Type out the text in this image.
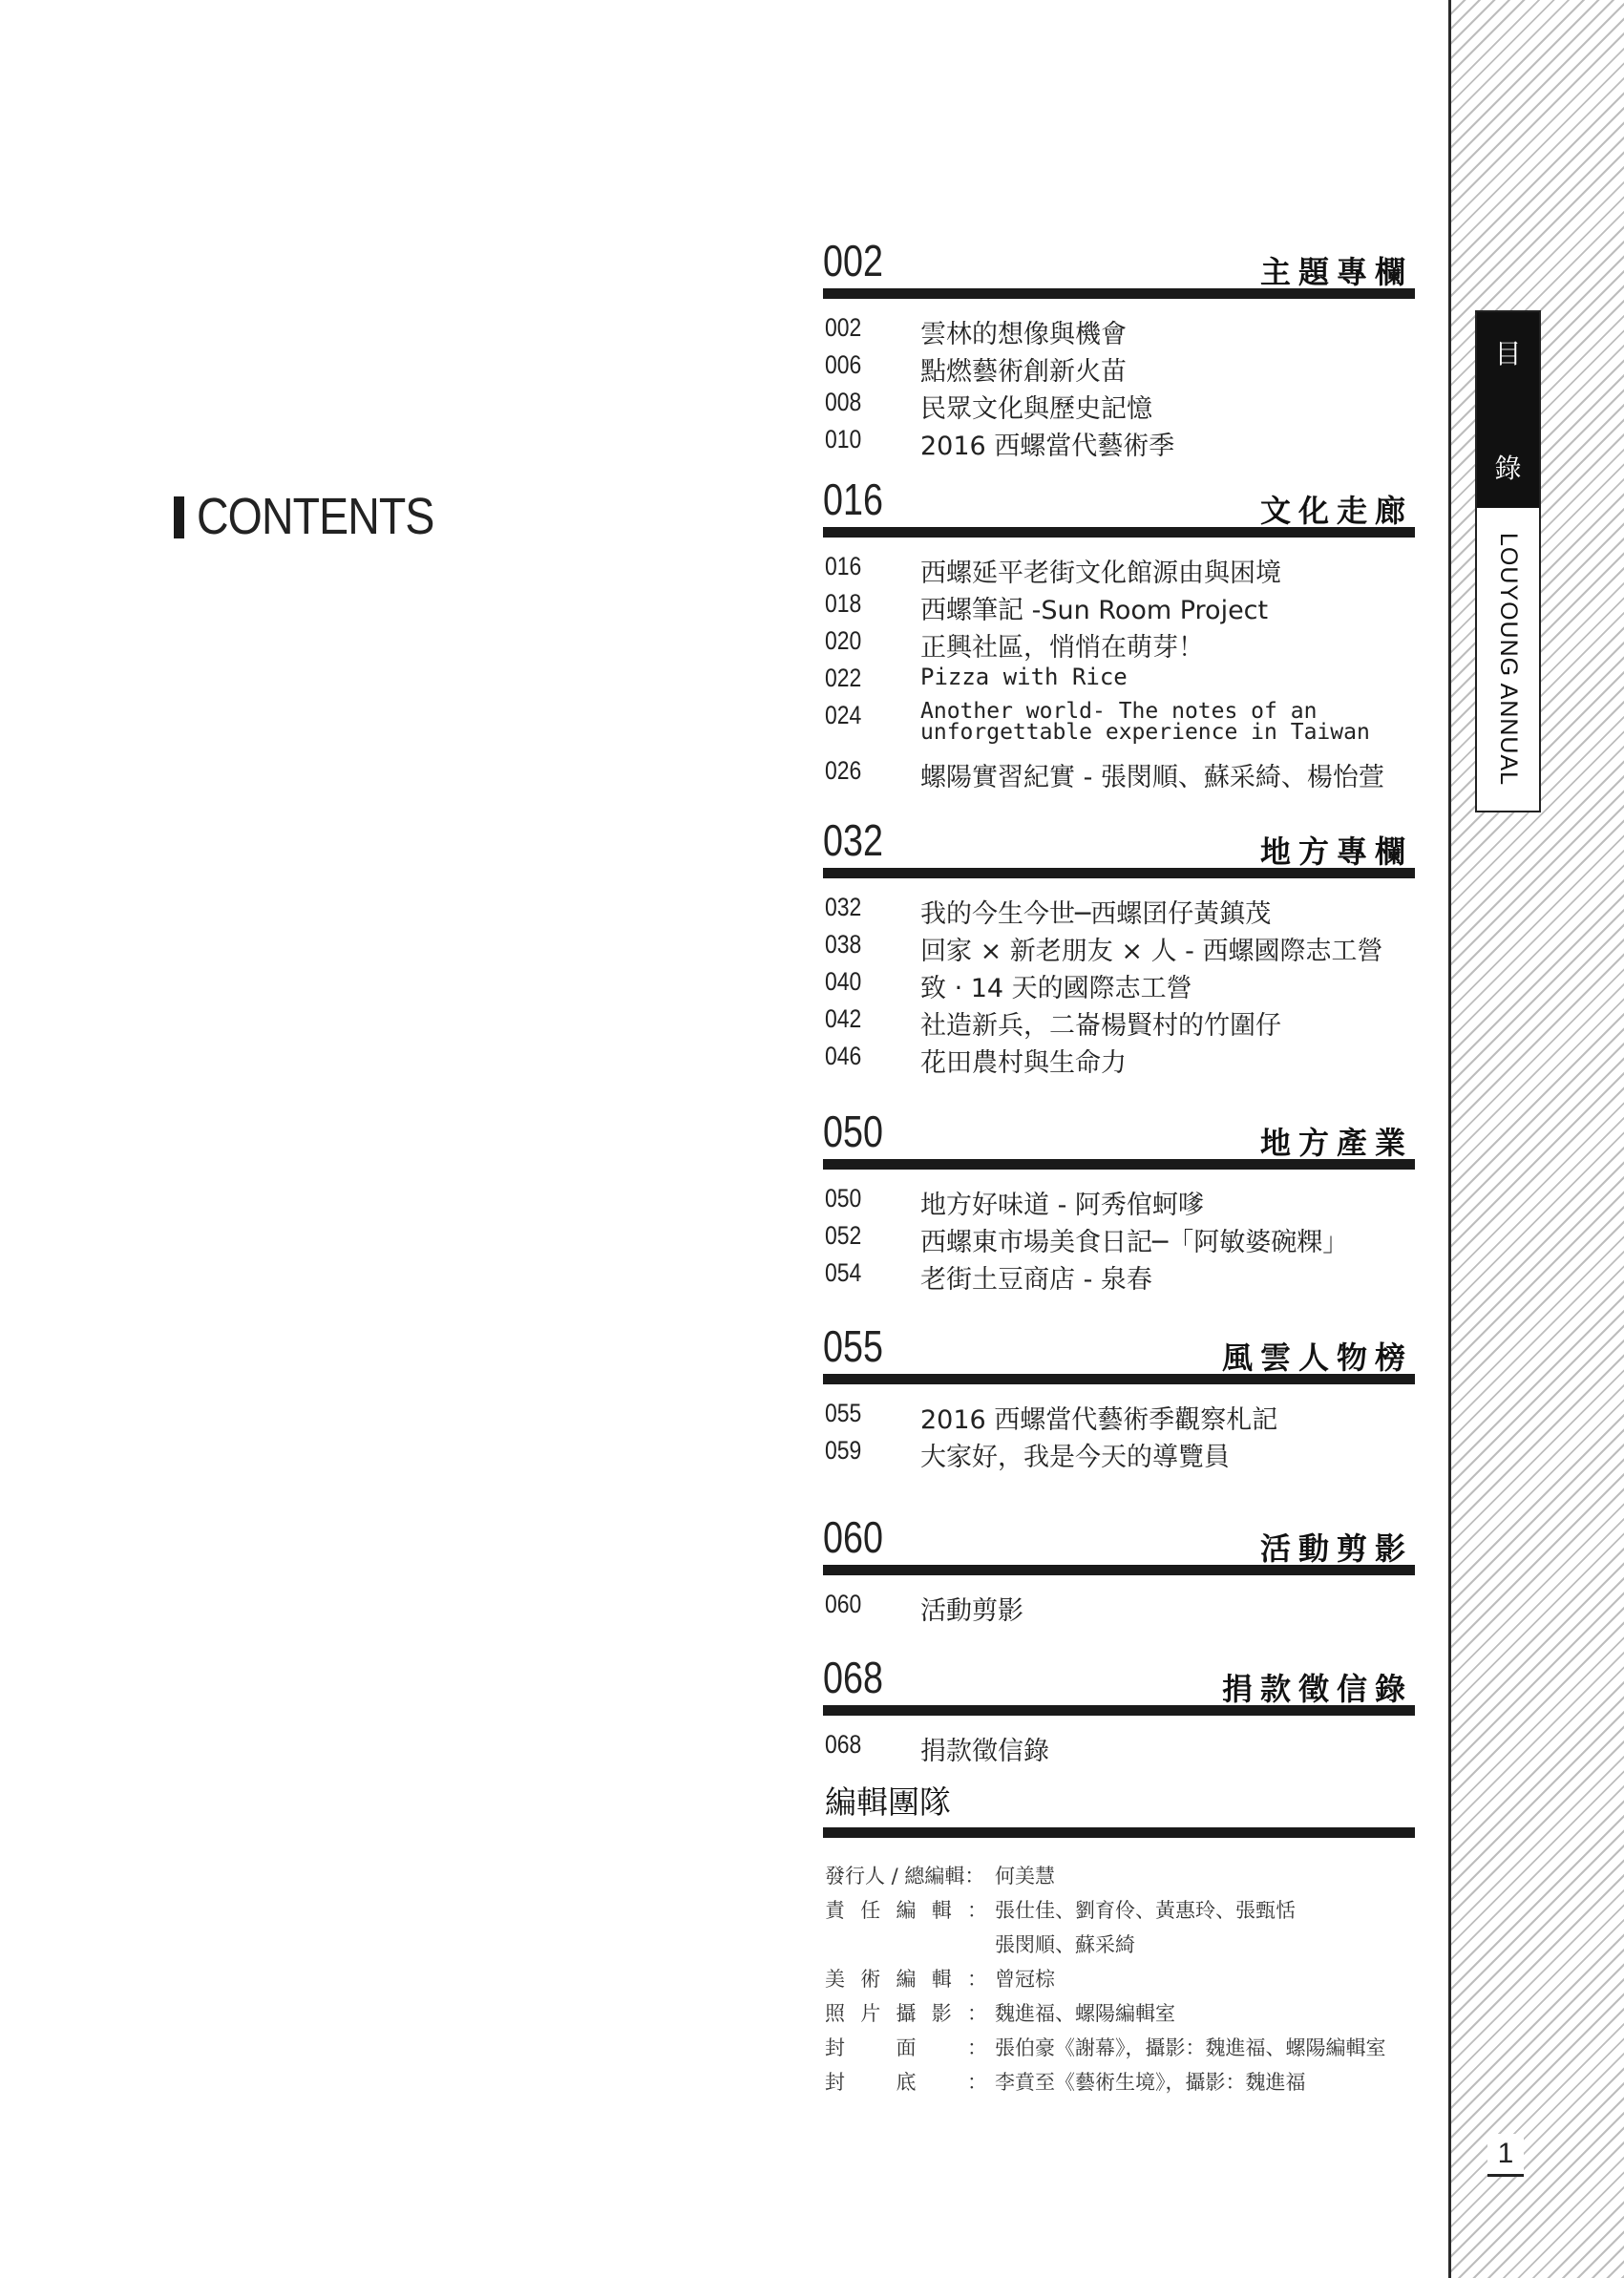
目
錄
LOUYOUNG ANNUAL
1
CONTENTS
002	主題專欄
002 雲林的想像與機會
006 點燃藝術創新火苗
008 民眾文化與歷史記憶
010 2016 西螺當代藝術季
016	文化走廊
016 西螺延平老街文化館源由與困境
018 西螺筆記 -Sun Room Project
020 正興社區，悄悄在萌芽！
022	Pizza with Rice
024	Another world- The notes of an unforgettable experience in Taiwan
026 螺陽實習紀實 - 張閔順、蘇采綺、楊怡萱
032	地方專欄
032 我的今生今世─西螺囝仔黃鎮茂
038 回家 × 新老朋友 × 人 - 西螺國際志工營
040 致 ‧ 14 天的國際志工營
042 社造新兵，二崙楊賢村的竹圍仔
046 花田農村與生命力
050	地方產業
050 地方好味道 - 阿秀倌蚵嗲
052 西螺東市場美食日記─「阿敏婆碗粿」
054 老街土豆商店 - 泉春
055	風雲人物榜
055 2016 西螺當代藝術季觀察札記
059 大家好，我是今天的導覽員
060	活動剪影
060 活動剪影
068	捐款徵信錄
068 捐款徵信錄
編輯團隊
發行人 / 總編輯： 何美慧
責任編輯： 張仕佳、劉育伶、黃惠玲、張甄恬
張閔順、蘇采綺
美術編輯： 曾冠棕
照片攝影： 魏進福、螺陽編輯室
封面： 張伯豪《謝幕》，攝影：魏進福、螺陽編輯室
封底： 李賁至《藝術生境》，攝影：魏進福
